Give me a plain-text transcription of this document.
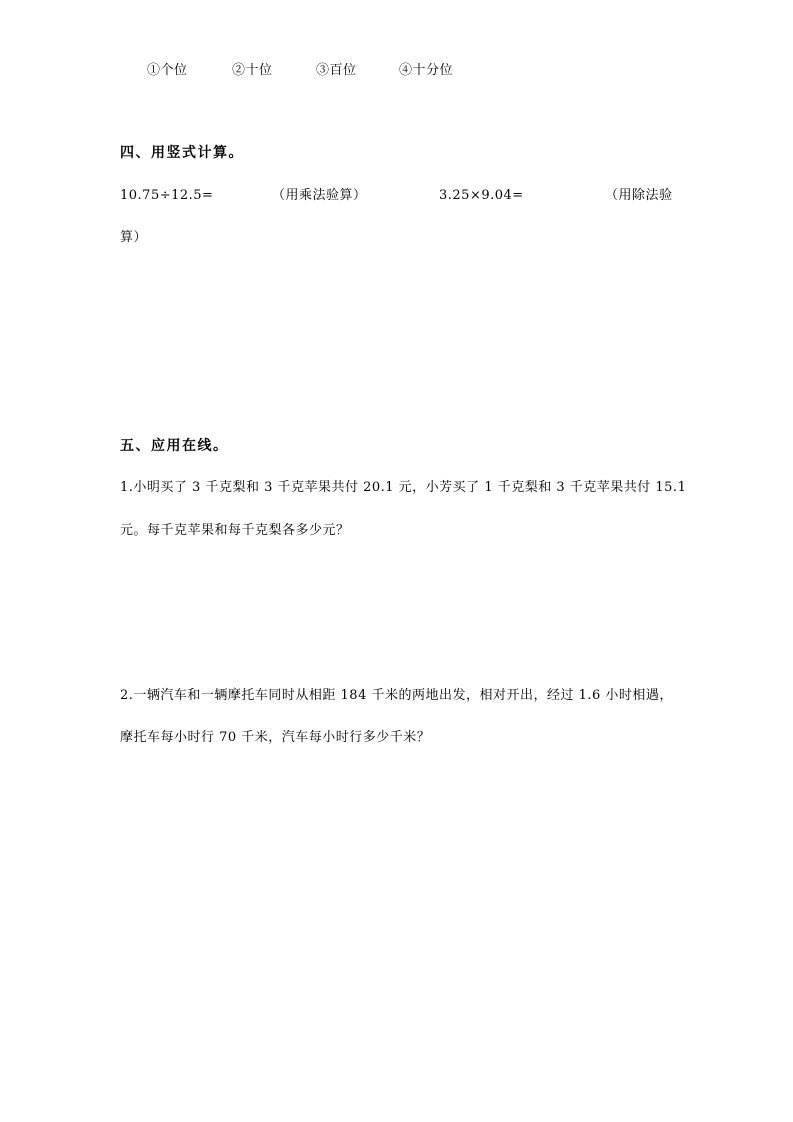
①个位	②十位	③百位	④十分位
四、用竖式计算。
10.75÷12.5=	（用乘法验算）	3.25×9.04=	（用除法验
算）
五、应用在线。
1.小明买了 3 千克梨和 3 千克苹果共付 20.1 元，小芳买了 1 千克梨和 3 千克苹果共付 15.1
元。每千克苹果和每千克梨各多少元？
2.一辆汽车和一辆摩托车同时从相距 184 千米的两地出发，相对开出，经过 1.6 小时相遇，
摩托车每小时行 70 千米，汽车每小时行多少千米？
